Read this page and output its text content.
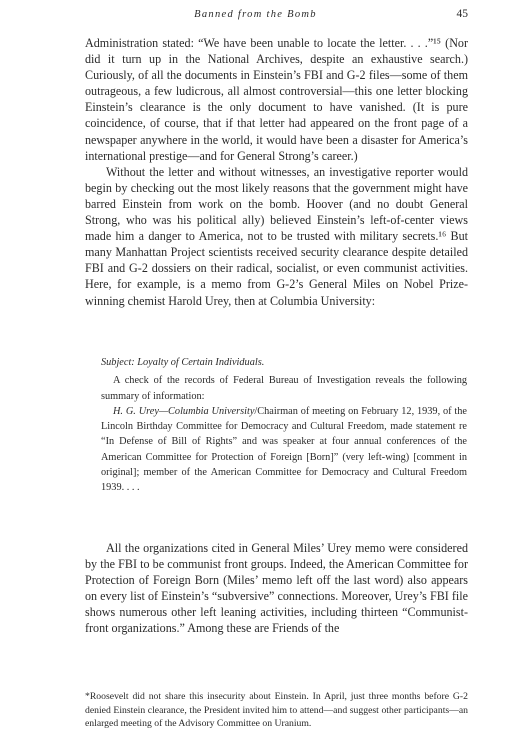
Banned from the Bomb	45

Administration stated: “We have been unable to locate the letter. . . .”¹⁵ (Nor did it turn up in the National Archives, despite an exhaustive search.) Curiously, of all the documents in Einstein’s FBI and G-2 files—some of them outrageous, a few ludicrous, all almost controversial—this one letter blocking Einstein’s clearance is the only document to have vanished. (It is pure coincidence, of course, that if that letter had appeared on the front page of a newspaper anywhere in the world, it would have been a disaster for America’s international prestige—and for General Strong’s career.)

Without the letter and without witnesses, an investigative reporter would begin by checking out the most likely reasons that the government might have barred Einstein from work on the bomb. Hoover (and no doubt General Strong, who was his political ally) believed Einstein’s left-of-center views made him a danger to America, not to be trusted with military secrets.¹⁶ But many Manhattan Project scientists received security clearance despite detailed FBI and G-2 dossiers on their radical, socialist, or even communist activities. Here, for example, is a memo from G-2’s General Miles on Nobel Prize-winning chemist Harold Urey, then at Columbia University:

Subject: Loyalty of Certain Individuals.

A check of the records of Federal Bureau of Investigation reveals the following summary of information:

H. G. Urey—Columbia University/Chairman of meeting on February 12, 1939, of the Lincoln Birthday Committee for Democracy and Cultural Freedom, made statement re “In Defense of Bill of Rights” and was speaker at four annual conferences of the American Committee for Protection of Foreign [Born]” (very left-wing) [comment in original]; member of the American Committee for Democracy and Cultural Freedom 1939. . . .

All the organizations cited in General Miles’ Urey memo were considered by the FBI to be communist front groups. Indeed, the American Committee for Protection of Foreign Born (Miles’ memo left off the last word) also appears on every list of Einstein’s “subversive” connections. Moreover, Urey’s FBI file shows numerous other left leaning activities, including thirteen “Communist-front organizations.” Among these are Friends of the

*Roosevelt did not share this insecurity about Einstein. In April, just three months before G-2 denied Einstein clearance, the President invited him to attend—and suggest other participants—an enlarged meeting of the Advisory Committee on Uranium.
